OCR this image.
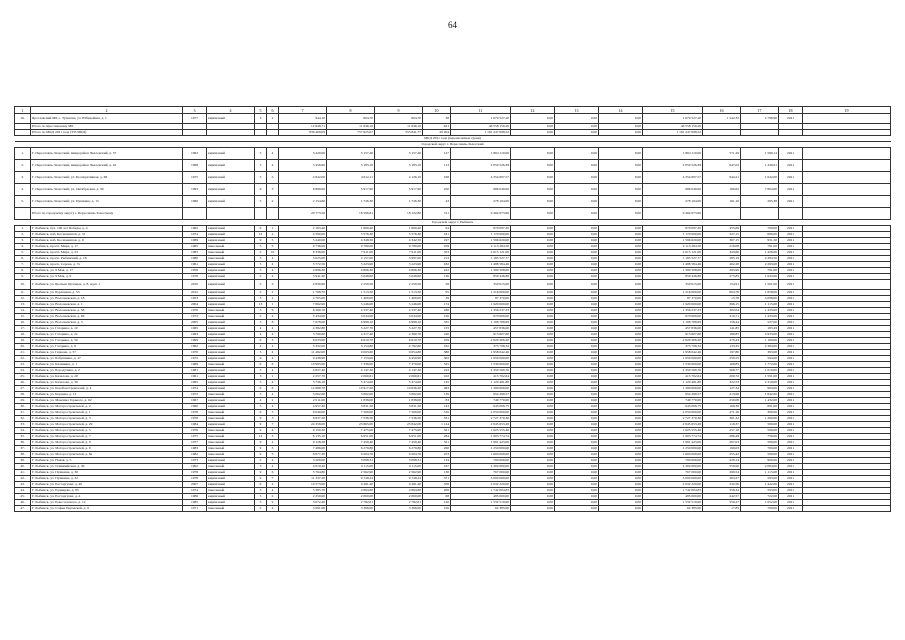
64
1	2	3	4	5	6	7	8	9	10	11	12	13	14	15	16	17	18	19
16.	Ярославский МР, с. Туношна, ул. Юбилейная, д. 1	1977	кирпичный	3	2	944,10	804,70	804,70	38	1 679 527,20	0,00	0,00	0,00	1 679 527,20	1 542,32	2 798,90	2021	
	Итого по Ярославскому МР					12 848,71	11 846,10	11 846,10	621	46 558 150,20	0,00	0,00	0,00	46 558 150,20				
	Итого по МКД 2021 года (335 МКД)					836 409,09	757 625,07	553 841,77	29 204	1 181 247 098,22	0,00	0,00	0,00	1 181 247 098,22				
МКД 2021 года (перенесенные сроки)																		
Городской округ г. Переславль-Залесский																		
1.	Г. Переславль-Залесский, микрорайон Чкаловский, д. 37	1963	кирпичный	5	4	3 420,00	3 157,40	3 157,40	127	1 864 110,00	0,00	0,00	0,00	1 864 110,00	571,29	1 589,14	2021	
2.	Г. Переславль-Залесский, микрорайон Чкаловский, д. 42	1968	кирпичный	5	4	3 456,90	3 183,10	3 183,10	113	2 059 526,39	0,00	0,00	0,00	2 059 526,39	647,02	1 430,61	2021	
3.	Г. Переславль-Залесский, ул. Кооперативная, д. 68	1975	кирпичный	5	5	4 842,00	4 612,11	4 126,10	168	4 354 897,57	0,00	0,00	0,00	4 354 897,57	944,21	1 642,00	2021	
4.	Г. Переславль-Залесский, ул. Октябрьская, д. 39	1993	кирпичный	9	3	6 890,00	5 917,90	5 917,90	250	986 040,00	0,00	0,00	0,00	986 040,00	166,62	7 804,00	2021	
5.	Г. Переславль-Залесский, ул. Пушкина, д. 15	1986	кирпичный	5	2	2 154,60	1 726,30	1 726,30	43	278 104,00	0,00	0,00	0,00	278 104,00	161,10	295,38	2021	
	Итого по городскому округу г. Переславль-Залесскому					20 773,50	18 596,81	18 122,80	721	9 482 673,96	0,00	0,00	0,00	9 482 673,96				
Городской округ г. Рыбинск																		
1.	Г. Рыбинск, бул. 100 лет Победы, д. 4	1962	кирпичный	9	1	2 163,40	1 909,40	1 909,40	94	870 097,20	0,00	0,00	0,00	870 097,20	455,69	709,00	2021	
2.	Г. Рыбинск, наб. Космонавтов, д. 31	1974	кирпичный	12	2	4 590,00	3 576,30	3 576,30	181	1 170 000,00	0,00	0,00	0,00	1 170 000,00	327,15	696,00	2021	
3.	Г. Рыбинск, наб. Космонавтов, д. 9	1989	кирпичный	9	5	5 240,00	4 348,50	4 342,50	197	1 596 620,00	0,00	0,00	0,00	1 596 620,00	367,15	931,50	2021	
4.	Г. Рыбинск, просп. Мира, д. 17	1985	панельный	5	6	9 736,00	9 780,00	9 780,00	459	2 113 284,50	0,00	0,00	0,00	2 113 284,50	216,08	791,00	2021	
5.	Г. Рыбинск, просп. Мира, д. 23	1983	панельный	5	10	8 336,00	7 611,00	7 611,00	353	2 615 121,00	0,00	0,00	0,00	2 615 121,00	343,60	1 426,00	2021	
6.	Г. Рыбинск, просп. Рыбинский, д. 18	1980	панельный	5	4	5 025,00	4 157,00	3 997,00	213	1 185 527,77	0,00	0,00	0,00	1 185 527,77	285,19	2 284,56	2021	
7.	Г. Рыбинск, просп. Серова, д. 7а	1961	кирпичный	5	4	3 772,50	3 223,90	3 223,90	182	1 488 584,46	0,00	0,00	0,00	1 488 584,46	462,28	2 293,00	2021	
8.	Г. Рыбинск, ул. 9 Мая, д. 17	1958	кирпичный	5	4	4 896,30	4 896,30	4 896,30	222	1 390 508,00	0,00	0,00	0,00	1 390 508,00	283,99	791,00	2021	
9.	Г. Рыбинск, ул. 9 Мая, д. 9	1976	кирпичный	5	4	3 941,20	3 048,60	3 048,60	136	859 446,88	0,00	0,00	0,00	859 446,88	275,85	1 643,00	2021	
10.	Г. Рыбинск, ул. Братьев Орловых, д. 8, корп. 1	2010	кирпичный	5	3	2 830,90	2 259,50	2 259,50	58	350 015,00	0,00	0,00	0,00	350 015,00	154,91	1 591,00	2021	
11.	Г. Рыбинск, ул. Бурлацкая, д. 53	2012	кирпичный	5	2	1 708,70	1 513,50	1 513,50	95	1 218 000,00	0,00	0,00	0,00	1 218 000,00	804,76	1 858,00	2021	
12.	Г. Рыбинск, ул. Волочаевская, д. 18	1953	кирпичный	3	2	2 705,00	1 400,00	1 400,00	39	87 370,00	0,00	0,00	0,00	87 370,00	15,78	4 098,00	2021	
13.	Г. Рыбинск, ул. Волочаевская, д. 1	2004	кирпичный	13	1	7 862,90	5 246,00	5 246,00	174	1 920 000,00	0,00	0,00	0,00	1 920 000,00	366,15	1 115,00	2021	
14.	Г. Рыбинск, ул. Волочаевская, д. 58	1970	панельный	5	6	6 260,70	4 537,40	4 537,40	186	1 356 237,23	0,00	0,00	0,00	1 356 237,23	302,04	1 433,00	2021	
15.	Г. Рыбинск, ул. Волочаевская, д. 66	1972	панельный	5	4	3 434,00	3 034,00	3 034,00	120	970 000,00	0,00	0,00	0,00	970 000,00	319,71	1 433,00	2021	
16.	Г. Рыбинск, ул. Волочаевская, д. 5	2005	кирпичный	5	8	7 678,00	6 998,10	6 998,10	335	1 108 768,69	0,00	0,00	0,00	1 108 768,69	158,44	527,00	2021	
17.	Г. Рыбинск, ул. Гагарина, д. 10	1965	кирпичный	4	4	4 382,80	3 227,70	3 227,70	155	457 836,00	0,00	0,00	0,00	457 836,00	141,85	183,29	2021	
18.	Г. Рыбинск, ул. Гагарина, д. 2а	1963	кирпичный	4	4	3 790,60	4 317,40	4 360,70	160	913 607,60	0,00	0,00	0,00	913 607,60	186,85	4 933,00	2021	
19.	Г. Рыбинск, ул. Гагарина, д. 50	1999	кирпичный	9	3	6 633,00	6 010,70	6 010,70	259	2 820 206,20	0,00	0,00	0,00	2 820 206,20	470,43	1 169,00	2021	
20.	Г. Рыбинск, ул. Гагарина, д. 8	1962	кирпичный	4	4	3 332,00	3 154,80	2 792,60	162	373 798,34	0,00	0,00	0,00	373 798,34	133,35	4 384,00	2021	
21.	Г. Рыбинск, ул. Герцена, д. 57	1970	кирпичный	5	4	11 482,00	9 003,60	9 654,80	380	1 958 042,46	0,00	0,00	0,00	1 958 042,46	197,80	393,00	2021	
22.	Г. Рыбинск, ул. Бабушкина, д. 47	1972	кирпичный	9	4	9 438,90	7 153,00	6 459,90	302	1 950 000,00	0,00	0,00	0,00	1 950 000,00	259,55	594,00	2021	
23.	Г. Рыбинск, ул. Калинина, д. 1	1989	панельный	9	6	10 995,00	7 336,00	7 379,00	325	1 530 000,00	0,00	0,00	0,00	1 530 000,00	168,85	1 772,00	2021	
24.	Г. Рыбинск, ул. Бородулина, д. 2	1981	кирпичный	5	4	4 827,40	4 147,30	4 147,30	193	2 350 569,76	0,00	0,00	0,00	2 350 569,76	566,77	1 610,00	2021	
25.	Г. Рыбинск, ул. Качалова, д. 20	1961	кирпичный	3	1	2 257,70	2 060,61	2 060,61	102	413 702,64	0,00	0,00	0,00	413 702,64	200,72	1 591,00	2021	
26.	Г. Рыбинск, ул. Качалова, д. 30	1965	кирпичный	5	4	3 736,10	3 474,00	3 474,00	145	1 120 481,80	0,00	0,00	0,00	1 120 481,80	322,53	2 319,00	2021	
27.	Г. Рыбинск, ул. Кораблестроителей, д. 4	1974	кирпичный	9	6	12 680,70	10 917,20	10 636,20	483	1 390 000,00	0,00	0,00	0,00	1 390 000,00	127,32	904,00	2021	
28.	Г. Рыбинск, ул. Корнева, д. 12	1972	панельный	5	4	3 062,60	3 062,00	3 062,00	139	654 290,57	0,00	0,00	0,00	654 290,57	213,68	1 842,00	2021	
29.	Г. Рыбинск, ул. Максима Горького, д. 62	1967	кирпичный	4	2	2 011,00	1 838,00	1 838,00	83	749 770,00	0,00	0,00	0,00	749 770,00	250,08	1 432,00	2021	
30.	Г. Рыбинск, ул. Моторостроителей, д. 2	1960	кирпичный	5	4	4 957,40	3 831,50	3 831,50	143	645 068,75	0,00	0,00	0,00	645 068,75	168,36	891,00	2021	
31.	Г. Рыбинск, ул. Моторостроителей, д. 1	1976	панельный	9	5	9 040,00	7 500,00	7 500,00	316	2 050 000,00	0,00	0,00	0,00	2 050 000,00	271,16	390,00	2021	
32.	Г. Рыбинск, ул. Моторостроителей, д. 3	1978	панельный	9	3	8 637,50	7 536,50	7 536,50	331	2 727 370,36	0,00	0,00	0,00	2 727 370,36	361,32	1 260,00	2021	
33.	Г. Рыбинск, ул. Моторостроителей, д. 29	1984	кирпичный	9	7	24 358,00	23 865,00	23 842,00	1 124	2 845 653,28	0,00	0,00	0,00	2 845 653,28	119,37	599,00	2021	
34.	Г. Рыбинск, ул. Моторостроителей, д. 5	1976	панельный	9	4	9 150,30	7 475,00	7 475,00	321	1 925 555,46	0,00	0,00	0,00	1 925 555,46	257,10	599,00	2021	
35.	Г. Рыбинск, ул. Моторостроителей, д. 7	1975	панельный	12	3	8 135,10	6 651,00	6 651,00	284	1 903 774,74	0,00	0,00	0,00	1 903 774,74	286,49	756,00	2021	
36.	Г. Рыбинск, ул. Моторостроителей, д. 9	1977	панельный	9	4	9 128,28	7 458,40	7 458,40	321	1 991 423,00	0,00	0,00	0,00	1 991 423,00	267,03	599,00	2021	
37.	Г. Рыбинск, ул. Моторостроителей, д. 8	1983	панельный	9	3	7 486,00	6 279,80	6 279,80	260	1 250 000,00	0,00	0,00	0,00	1 250 000,00	199,03	700,00	2021	
38.	Г. Рыбинск, ул. Моторостроителей, д. 8а	1982	панельный	9	3	8 077,20	6 264,70	6 264,70	253	1 600 000,00	0,00	0,00	0,00	1 600 000,00	255,42	599,00	2021	
39.	Г. Рыбинск, ул. Новая, д. 5	1973	кирпичный	5	4	3 200,00	3 068,31	3 068,31	134	700 000,00	0,00	0,00	0,00	700 000,00	228,14	990,00	2021	
40.	Г. Рыбинск, ул. Олимпийская, д. 36	1992	панельный	5	4	4 619,20	4 115,00	4 115,00	167	2 304 000,00	0,00	0,00	0,00	2 304 000,00	559,90	2 084,00	2021	
41.	Г. Рыбинск, ул. Пушкина, д. 30	1978	кирпичный	9	6	3 764,80	2 562,90	2 562,90	130	767 000,00	0,00	0,00	0,00	767 000,00	299,54	1 115,00	2021	
42.	Г. Рыбинск, ул. Пушкина, д. 32	1978	кирпичный	9	7	11 337,20	9 749,24	9 749,24	371	3 000 000,00	0,00	0,00	0,00	3 000 000,00	303,27	593,00	2021	
43.	Г. Рыбинск, ул. Расторгуева, д. 40	2007	кирпичный	9	4	10 573,00	9 491,40	9 491,40	358	2 632 220,00	0,00	0,00	0,00	2 632 220,00	232,56	1 442,00	2021	
44.	Г. Рыбинск, ул. Радищева, д. 85	1974	панельный	5	4	5 385,70	4 864,80	4 864,80	208	1 742 004,83	0,00	0,00	0,00	1 742 004,83	358,34	593,00	2021	
45.	Г. Рыбинск, ул. Расторгуева, д. 4	1986	кирпичный	5	2	2 250,00	2 000,00	2 000,00	68	485 000,00	0,00	0,00	0,00	485 000,00	242,57	722,00	2021	
46.	Г. Рыбинск, ул. Рокоссовского, д. 12	1985	кирпичный	5	2	3 072,40	2 782,61	2 782,61	120	1 532 519,00	0,00	0,00	0,00	1 532 519,00	550,27	1 652,00	2021	
47.	Г. Рыбинск, ул. Софьи Перовской, д. 6	1971	панельный	5	4	3 691,06	3 366,00	3 366,00	156	62 385,00	0,00	0,00	0,00	62 385,00	17,85	709,00	2021	
